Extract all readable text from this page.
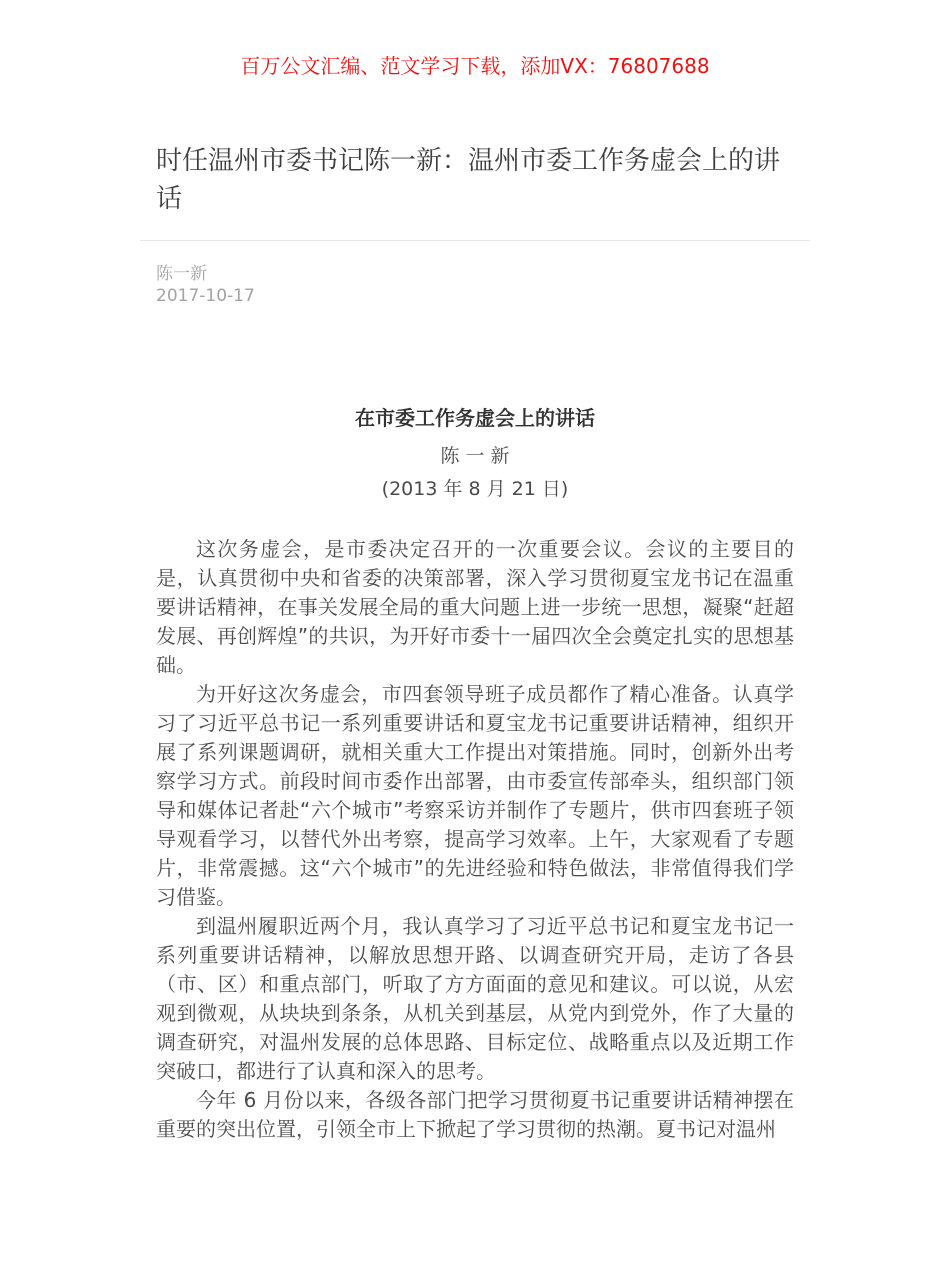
百万公文汇编、范文学习下载，添加VX：76807688
时任温州市委书记陈一新：温州市委工作务虚会上的讲话
陈一新
2017-10-17
在市委工作务虚会上的讲话
陈 一 新
(2013 年 8 月 21 日)

这次务虚会，是市委决定召开的一次重要会议。会议的主要目的是，认真贯彻中央和省委的决策部署，深入学习贯彻夏宝龙书记在温重要讲话精神，在事关发展全局的重大问题上进一步统一思想，凝聚“赶超发展、再创辉煌”的共识，为开好市委十一届四次全会奠定扎实的思想基础。

为开好这次务虚会，市四套领导班子成员都作了精心准备。认真学习了习近平总书记一系列重要讲话和夏宝龙书记重要讲话精神，组织开展了系列课题调研，就相关重大工作提出对策措施。同时，创新外出考察学习方式。前段时间市委作出部署，由市委宣传部牵头，组织部门领导和媒体记者赴“六个城市”考察采访并制作了专题片，供市四套班子领导观看学习，以替代外出考察，提高学习效率。上午，大家观看了专题片，非常震撼。这“六个城市”的先进经验和特色做法，非常值得我们学习借鉴。

到温州履职近两个月，我认真学习了习近平总书记和夏宝龙书记一系列重要讲话精神，以解放思想开路、以调查研究开局，走访了各县（市、区）和重点部门，听取了方方面面的意见和建议。可以说，从宏观到微观，从块块到条条，从机关到基层，从党内到党外，作了大量的调查研究，对温州发展的总体思路、目标定位、战略重点以及近期工作突破口，都进行了认真和深入的思考。

今年 6 月份以来，各级各部门把学习贯彻夏书记重要讲话精神摆在重要的突出位置，引领全市上下掀起了学习贯彻的热潮。夏书记对温州
